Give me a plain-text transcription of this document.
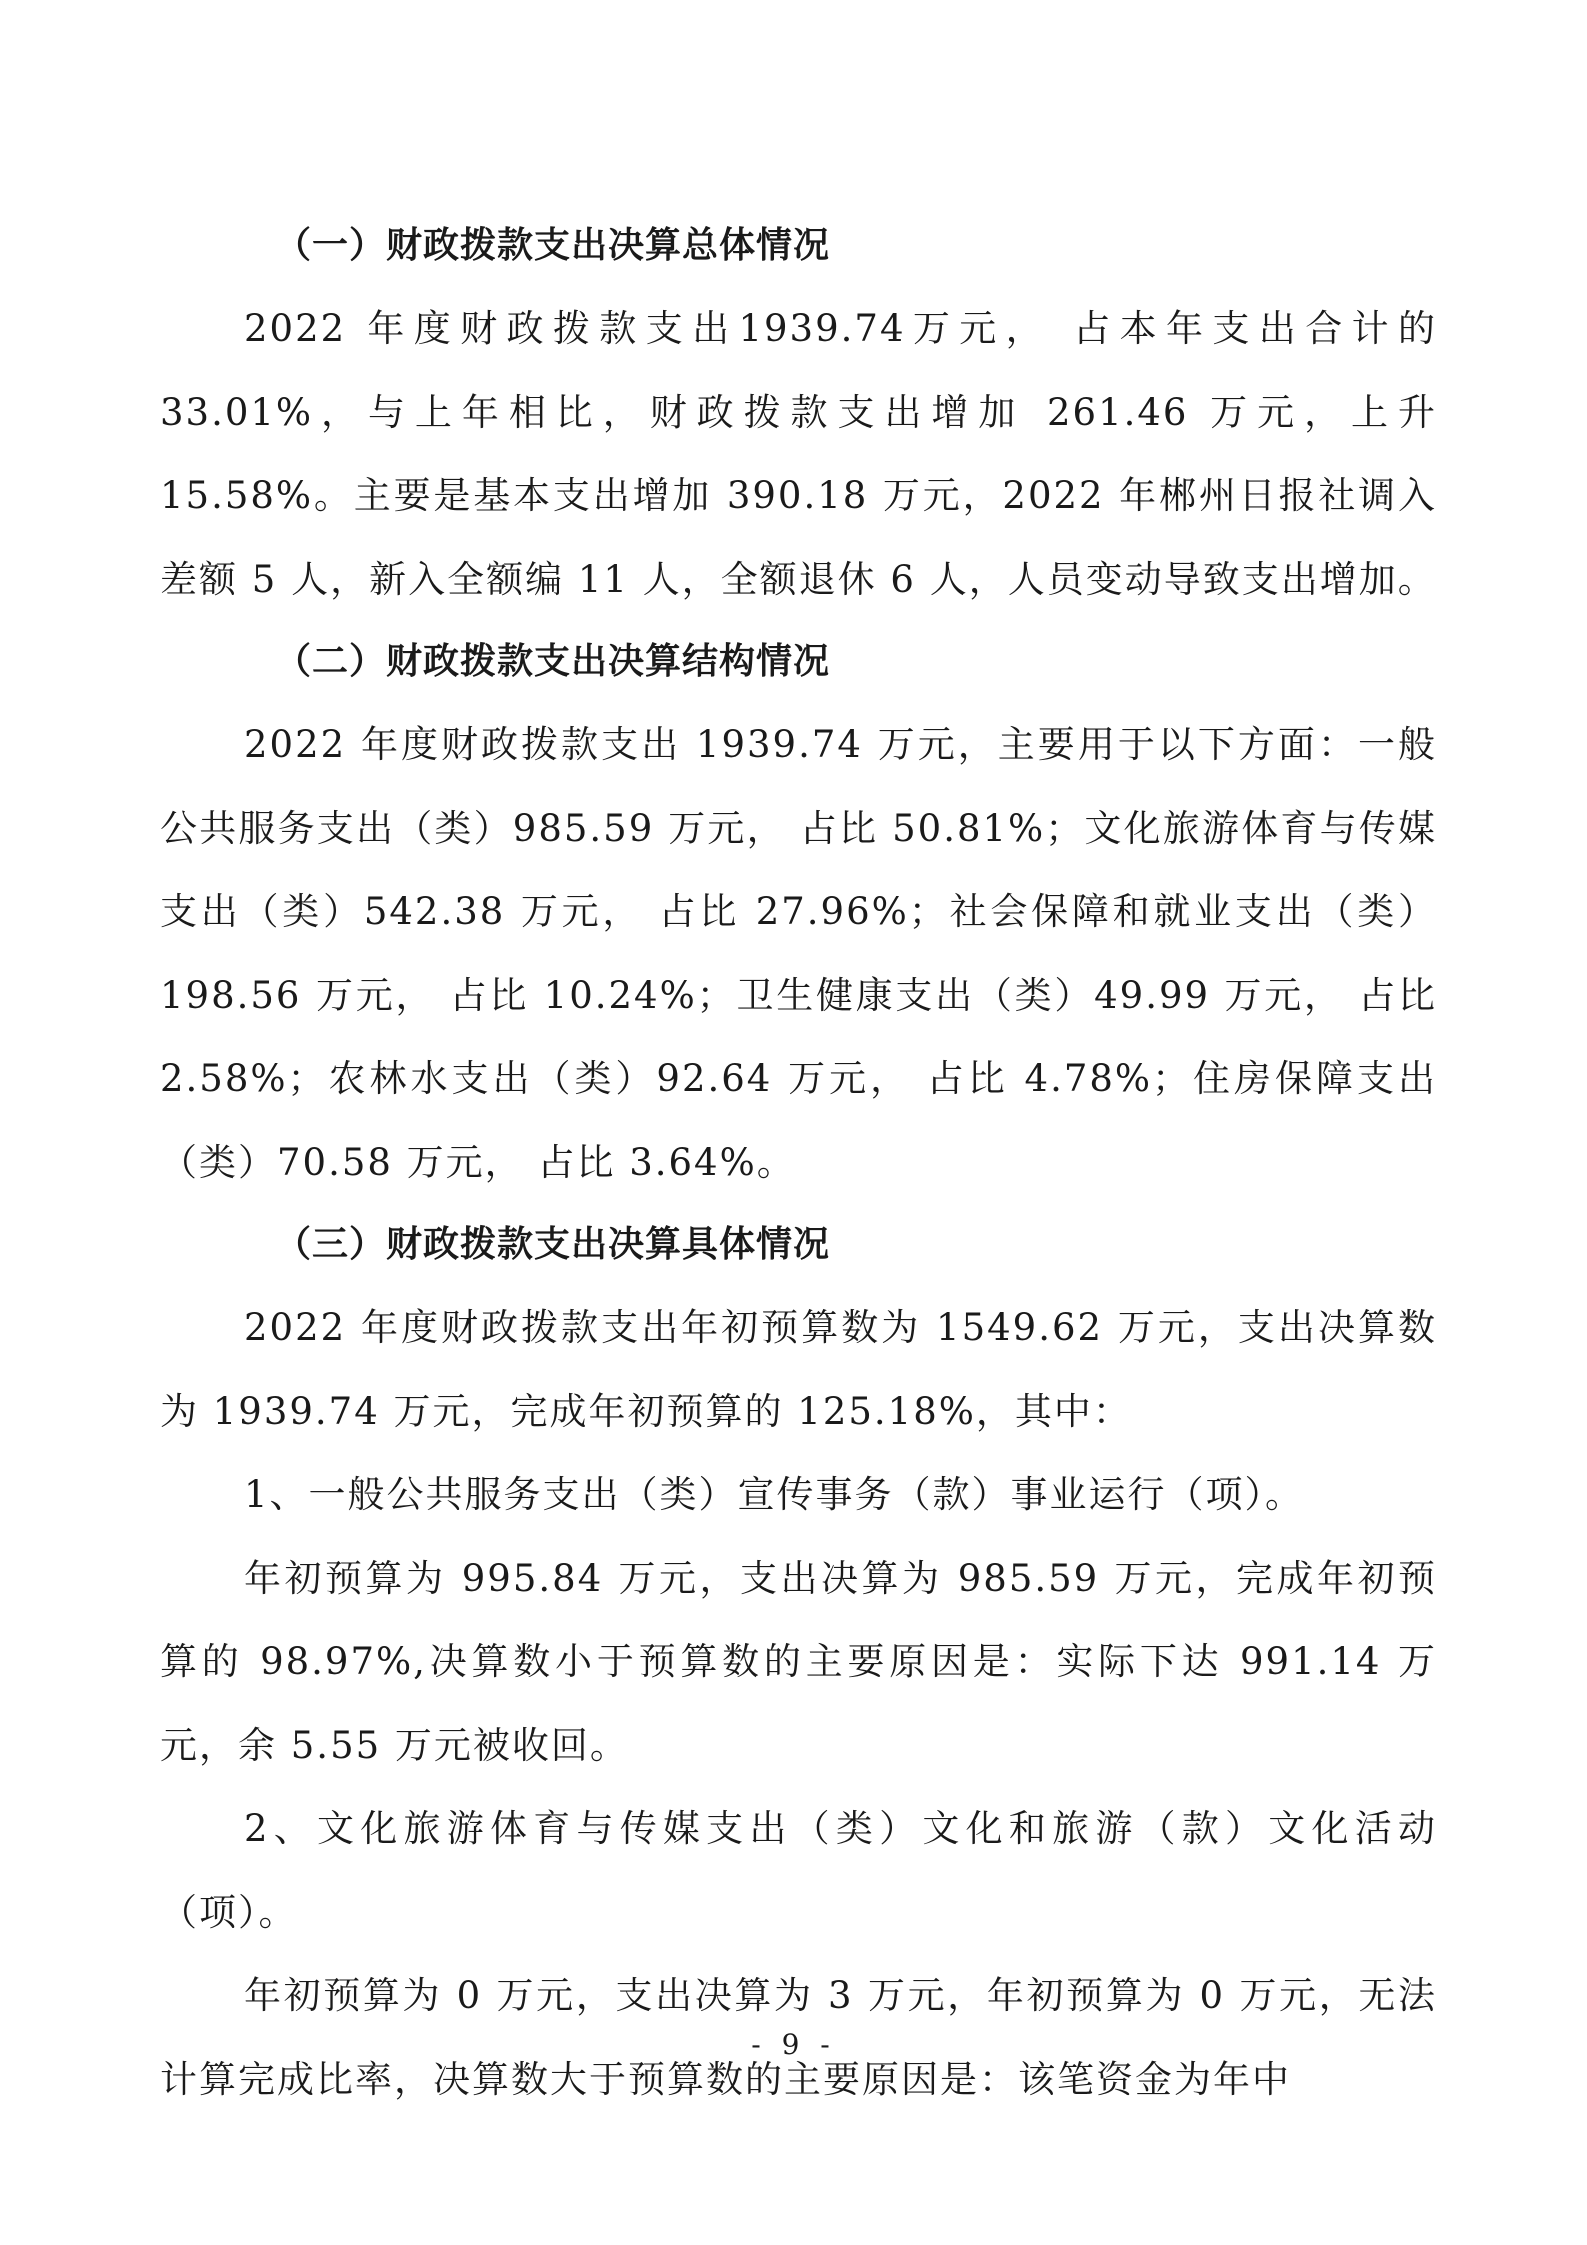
（一）财政拨款支出决算总体情况

2022 年度财政拨款支出1939.74万元， 占本年支出合计的33.01%，与上年相比，财政拨款支出增加 261.46 万元，上升 15.58%。主要是基本支出增加 390.18 万元，2022 年郴州日报社调入差额 5 人，新入全额编 11 人，全额退休 6 人，人员变动导致支出增加。

（二）财政拨款支出决算结构情况

2022 年度财政拨款支出 1939.74 万元，主要用于以下方面：一般公共服务支出（类）985.59 万元， 占比 50.81%；文化旅游体育与传媒支出（类）542.38 万元， 占比 27.96%；社会保障和就业支出（类）198.56 万元， 占比 10.24%；卫生健康支出（类）49.99 万元， 占比 2.58%；农林水支出（类）92.64 万元， 占比 4.78%；住房保障支出（类）70.58 万元， 占比 3.64%。

（三）财政拨款支出决算具体情况

2022 年度财政拨款支出年初预算数为 1549.62 万元，支出决算数为 1939.74 万元，完成年初预算的 125.18%，其中：

1、一般公共服务支出（类）宣传事务（款）事业运行（项）。

年初预算为 995.84 万元，支出决算为 985.59 万元，完成年初预算的 98.97%,决算数小于预算数的主要原因是：实际下达 991.14 万元，余 5.55 万元被收回。

2、文化旅游体育与传媒支出（类）文化和旅游（款）文化活动（项）。

年初预算为 0 万元，支出决算为 3 万元，年初预算为 0 万元，无法计算完成比率，决算数大于预算数的主要原因是：该笔资金为年中

- 9 -
